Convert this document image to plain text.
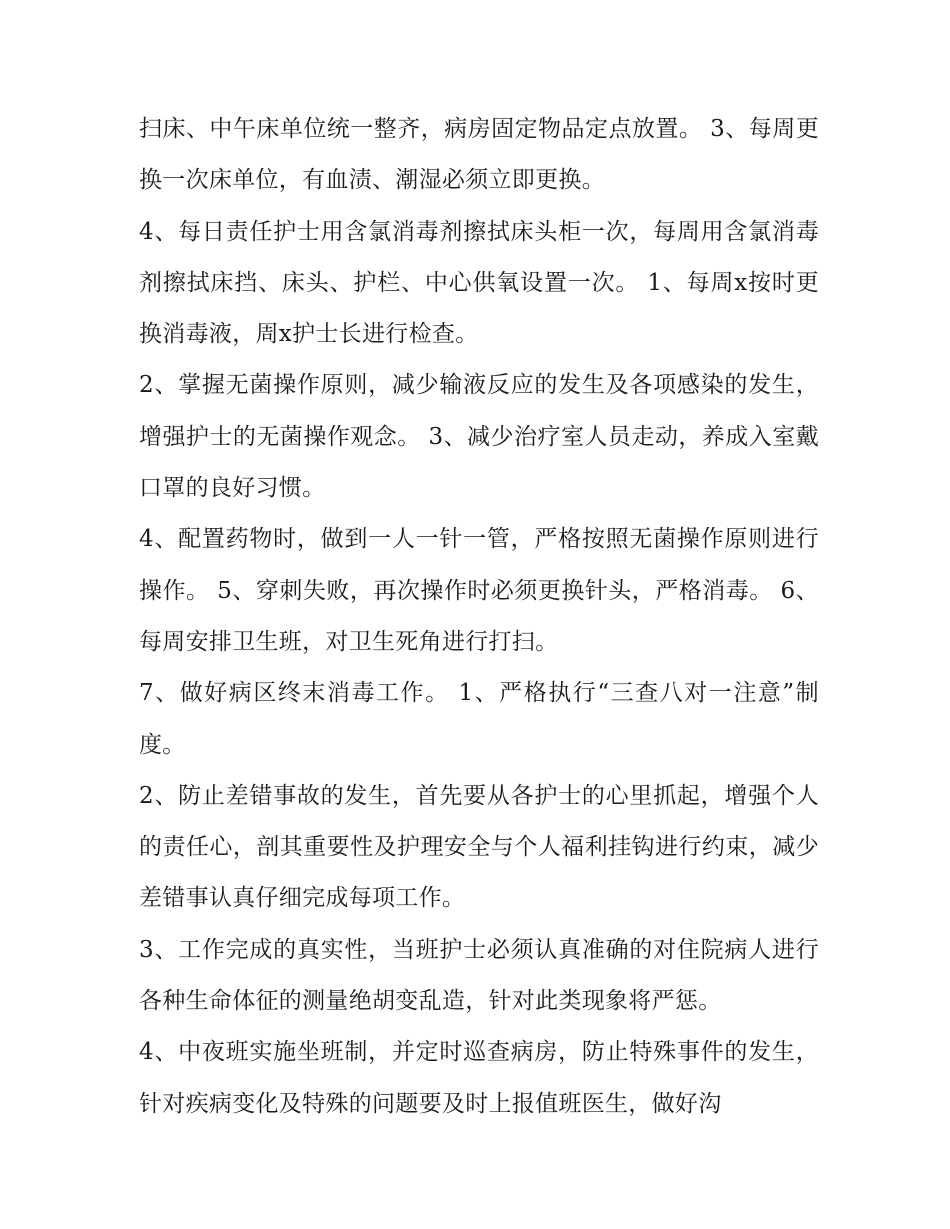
扫床、中午床单位统一整齐，病房固定物品定点放置。 3、每周更换一次床单位，有血渍、潮湿必须立即更换。

4、每日责任护士用含氯消毒剂擦拭床头柜一次，每周用含氯消毒剂擦拭床挡、床头、护栏、中心供氧设置一次。 1、每周x按时更换消毒液，周x护士长进行检查。

2、掌握无菌操作原则，减少输液反应的发生及各项感染的发生，增强护士的无菌操作观念。 3、减少治疗室人员走动，养成入室戴口罩的良好习惯。

4、配置药物时，做到一人一针一管，严格按照无菌操作原则进行操作。 5、穿刺失败，再次操作时必须更换针头，严格消毒。 6、每周安排卫生班，对卫生死角进行打扫。

7、做好病区终末消毒工作。 1、严格执行“三查八对一注意”制度。

2、防止差错事故的发生，首先要从各护士的心里抓起，增强个人的责任心，剖其重要性及护理安全与个人福利挂钩进行约束，减少差错事认真仔细完成每项工作。

3、工作完成的真实性，当班护士必须认真准确的对住院病人进行各种生命体征的测量绝胡变乱造，针对此类现象将严惩。

4、中夜班实施坐班制，并定时巡查病房，防止特殊事件的发生，针对疾病变化及特殊的问题要及时上报值班医生，做好沟
